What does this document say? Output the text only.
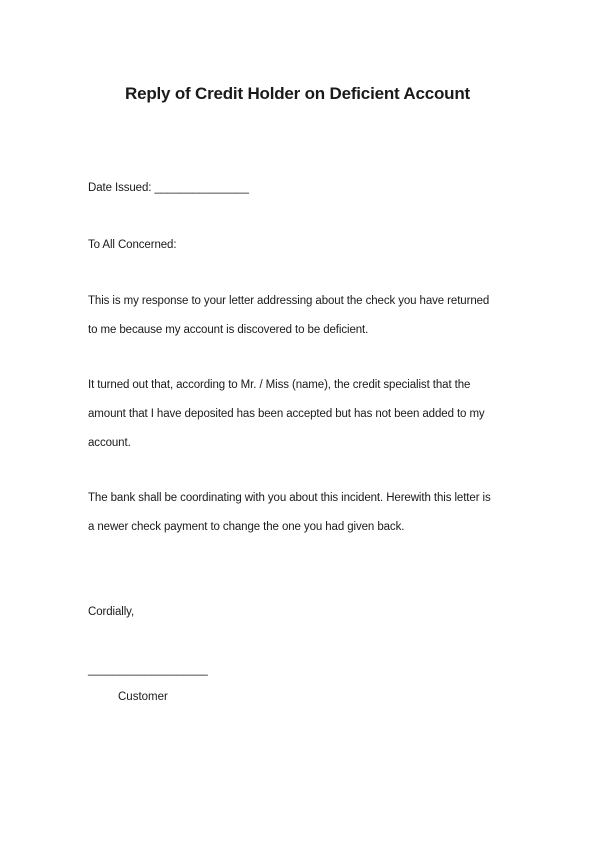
Reply of Credit Holder on Deficient Account
Date Issued: _______________
To All Concerned:
This is my response to your letter addressing about the check you have returned
to me because my account is discovered to be deficient.
It turned out that, according to Mr. / Miss (name), the credit specialist that the
amount that I have deposited has been accepted but has not been added to my
account.
The bank shall be coordinating with you about this incident. Herewith this letter is
a newer check payment to change the one you had given back.
Cordially,
___________________
Customer
